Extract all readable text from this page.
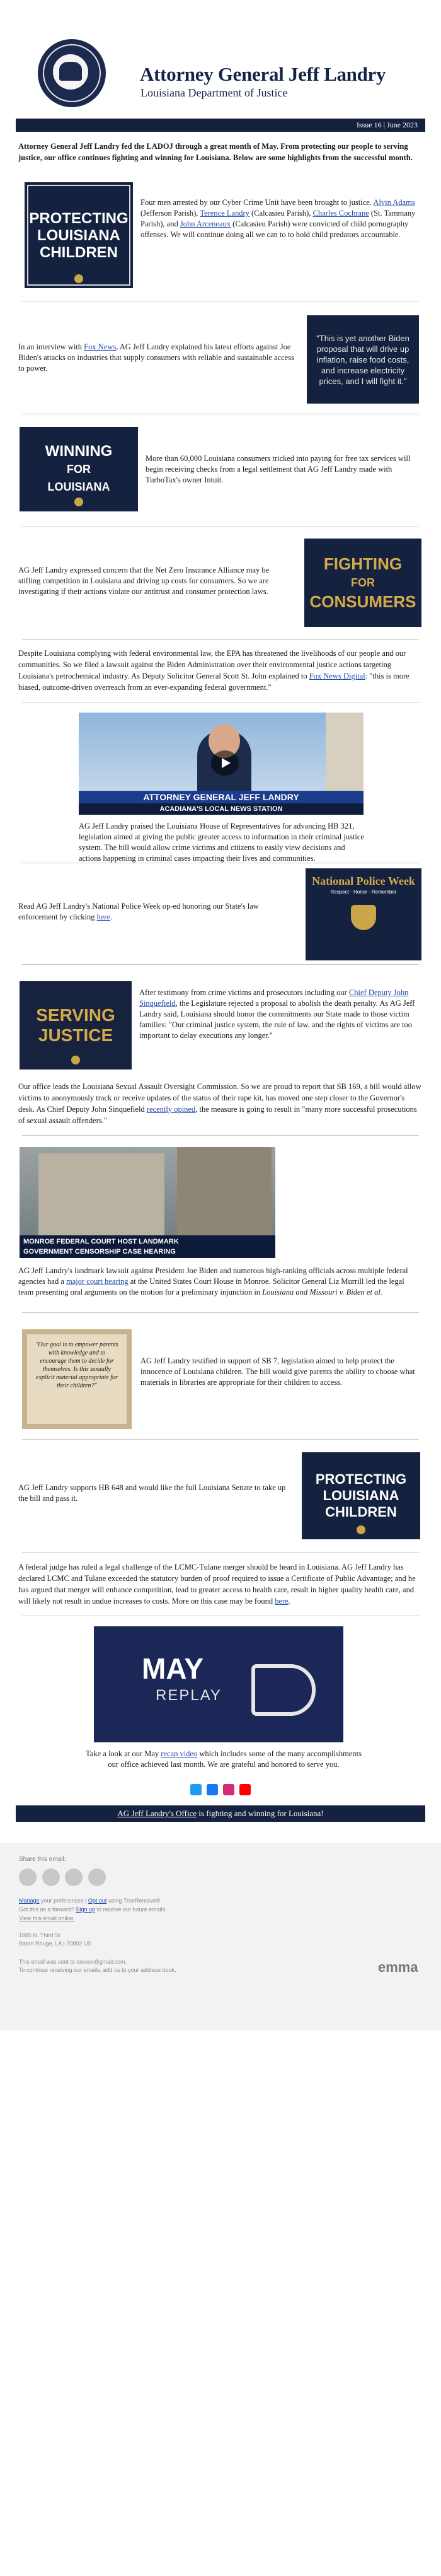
Attorney General Jeff Landry
Louisiana Department of Justice
Issue 16 | June 2023
Attorney General Jeff Landry fed the LADOJ through a great month of May. From protecting our people to serving justice, our office continues fighting and winning for Louisiana. Below are some highlights from the successful month.
PROTECTING
LOUISIANA
CHILDREN

Four men arrested by our Cyber Crime Unit have been brought to justice. Alvin Adams (Jefferson Parish), Terence Landry (Calcasieu Parish), Charles Cochrane (St. Tammany Parish), and John Arceneaux (Calcasieu Parish) were convicted of child pornography offenses. We will continue doing all we can to to hold child predators accountable.

In an interview with Fox News, AG Jeff Landry explained his latest efforts against Joe Biden's attacks on industries that supply consumers with reliable and sustainable access to power.

"This is yet another Biden proposal that will drive up inflation, raise food costs, and increase electricity prices, and I will fight it."
WINNING
FOR
LOUISIANA

More than 60,000 Louisiana consumers tricked into paying for free tax services will begin receiving checks from a legal settlement that AG Jeff Landry made with TurboTax's owner Intuit.

AG Jeff Landry expressed concern that the Net Zero Insurance Alliance may be stifling competition in Louisiana and driving up costs for consumers. So we are investigating if their actions violate our antitrust and consumer protection laws.

FIGHTING
FOR
CONSUMERS

Despite Louisiana complying with federal environmental law, the EPA has threatened the livelihoods of our people and our communities. So we filed a lawsuit against the Biden Administration over their environmental justice actions targeting Louisiana's petrochemical industry. As Deputy Solicitor General Scott St. John explained to Fox News Digital: "this is more biased, outcome-driven overreach from an ever-expanding federal government."

ATTORNEY GENERAL JEFF LANDRY
ACADIANA'S LOCAL NEWS STATION

AG Jeff Landry praised the Louisiana House of Representatives for advancing HB 321, legislation aimed at giving the public greater access to information in their criminal justice system. The bill would allow crime victims and citizens to easily view decisions and actions happening in criminal cases impacting their lives and communities.

Read AG Jeff Landry's National Police Week op-ed honoring our State's law enforcement by clicking here.

National Police Week
Respect · Honor · Remember
SERVING
JUSTICE

After testimony from crime victims and prosecutors including our Chief Deputy John Sinquefield, the Legislature rejected a proposal to abolish the death penalty. As AG Jeff Landry said, Louisiana should honor the commitments our State made to those victim families: "Our criminal justice system, the rule of law, and the rights of victims are too important to delay executions any longer."

Our office leads the Louisiana Sexual Assault Oversight Commission. So we are proud to report that SB 169, a bill would allow victims to anonymously track or receive updates of the status of their rape kit, has moved one step closer to the Governor's desk. As Chief Deputy John Sinquefield recently opined, the measure is going to result in "many more successful prosecutions of sexual assault offenders."

MONROE FEDERAL COURT HOST LANDMARK
GOVERNMENT CENSORSHIP CASE HEARING

AG Jeff Landry's landmark lawsuit against President Joe Biden and numerous high-ranking officials across multiple federal agencies had a major court hearing at the United States Court House in Monroe. Solicitor General Liz Murrill led the legal team presenting oral arguments on the motion for a preliminary injunction in Louisiana and Missouri v. Biden et al.

"Our goal is to empower parents with knowledge and to encourage them to decide for themselves. Is this sexually explicit material appropriate for their children?"

AG Jeff Landry testified in support of SB 7, legislation aimed to help protect the innocence of Louisiana children. The bill would give parents the ability to choose what materials in libraries are appropriate for their children to access.

AG Jeff Landry supports HB 648 and would like the full Louisiana Senate to take up the bill and pass it.

PROTECTING
LOUISIANA
CHILDREN

A federal judge has ruled a legal challenge of the LCMC-Tulane merger should be heard in Louisiana. AG Jeff Landry has declared LCMC and Tulane exceeded the statutory burden of proof required to issue a Certificate of Public Advantage; and he has argued that merger will enhance competition, lead to greater access to health care, result in higher quality health care, and will likely not result in undue increases to costs. More on this case may be found here.

MAY
REPLAY

Take a look at our May recap video which includes some of the many accomplishments our office achieved last month. We are grateful and honored to serve you.

AG Jeff Landry's Office is fighting and winning for Louisiana!
Share this email:

Manage your preferences | Opt out using TrueRemove®
Got this as a forward? Sign up to receive our future emails.
View this email online.
1885 N. Third St
Baton Rouge, LA | 70802 US
This email was sent to xxxxxx@gmail.com.
To continue receiving our emails, add us to your address book.	emma
